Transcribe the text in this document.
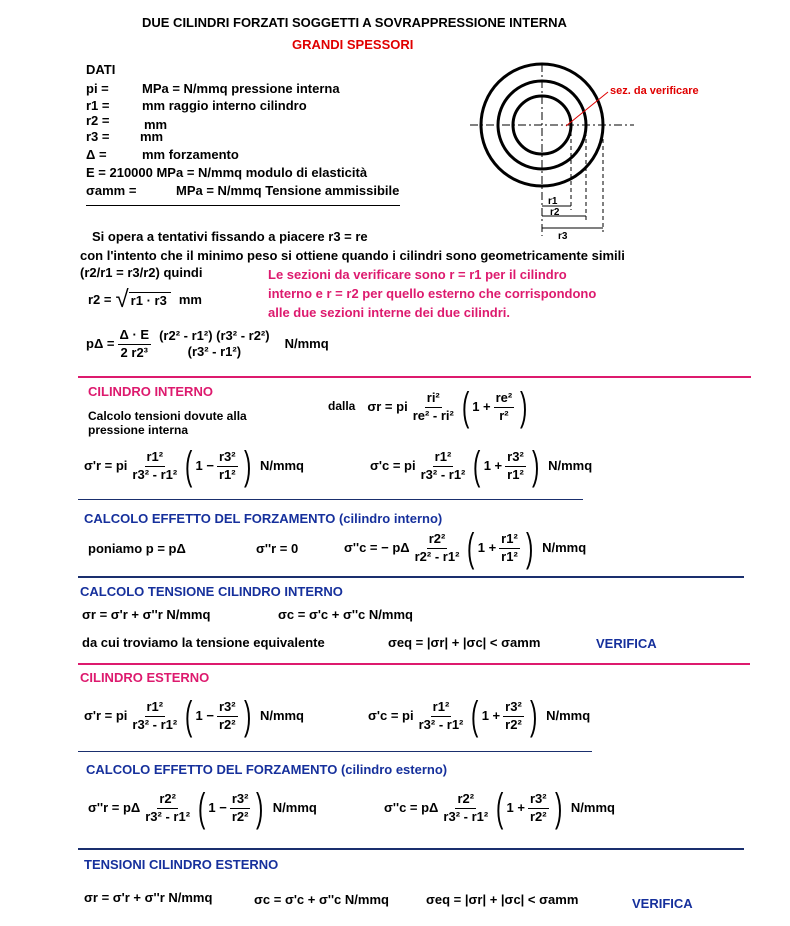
DUE CILINDRI FORZATI SOGGETTI A SOVRAPPRESSIONE INTERNA
GRANDI SPESSORI
DATI
pi =	MPa = N/mmq pressione interna
r1 =	mm raggio interno cilindro
r2 =	mm
r3 = mm
Δ =	mm forzamento
E = 210000 MPa = N/mmq modulo di elasticità
σamm =	MPa = N/mmq Tensione ammissibile
sez. da verificare
r1
r2
r3
Si opera a tentativi fissando a piacere r3 = re
con l'intento che il minimo peso si ottiene quando i cilindri sono geometricamente simili
(r2/r1 = r3/r2) quindi	Le sezioni da verificare sono r = r1 per il cilindro
interno e r = r2 per quello esterno che corrispondono
alle due sezioni interne dei due cilindri.
r2 = √ r1 · r3 mm
$p\Delta = \frac{\Delta \cdot E}{\text{2 r2³}} (r2^2 - r1^2)$ (r3² - r2²)
(r3² - r1²)
N/mmq
CILINDRO INTERNO
Calcolo tensioni dovute alla
pressione interna
dalla σr = pi $\frac{\text{ri²}}{\text{re² - ri²}}$ ( $1 + \frac{\text{re²}}{\text{r²}}$ )
σ'r = pi $\frac{\text{r1²}}{\text{r3² - r1²}}$ ( $1 - \frac{\text{r3²}}{\text{r1²}}$ ) N/mmq	σ'c = pi $\frac{\text{r1²}}{\text{r3² - r1²}}$ ( $1 + \frac{\text{r3²}}{\text{r1²}}$ ) N/mmq
CALCOLO EFFETTO DEL FORZAMENTO (cilindro interno)
poniamo p = pΔ	σ''r = 0	σ''c = − pΔ $\frac{\text{r2²}}{\text{r2² - r1²}}$ ( $1 + \frac{\text{r1²}}{\text{r1²}}$ ) N/mmq
CALCOLO TENSIONE CILINDRO INTERNO
σr = σ'r + σ''r N/mmq	σc = σ'c + σ''c N/mmq
da cui troviamo la tensione equivalente	σeq = |σr| + |σc| < σamm	VERIFICA
CILINDRO ESTERNO
σ'r = pi $\frac{\text{r1²}}{\text{r3² - r1²}}$ ( $1 - \frac{\text{r3²}}{\text{r2²}}$ ) N/mmq	σ'c = pi $\frac{\text{r1²}}{\text{r3² - r1²}}$ ( $1 + \frac{\text{r3²}}{\text{r2²}}$ ) N/mmq
CALCOLO EFFETTO DEL FORZAMENTO (cilindro esterno)
σ''r = pΔ $\frac{\text{r2²}}{\text{r3² - r1²}}$ ( $1 - \frac{\text{r3²}}{\text{r2²}}$ ) N/mmq	σ''c = pΔ $\frac{\text{r2²}}{\text{r3² - r1²}}$ ( $1 + \frac{\text{r3²}}{\text{r2²}}$ ) N/mmq
TENSIONI CILINDRO ESTERNO
σr = σ'r + σ''r N/mmq	σc = σ'c + σ''c N/mmq	σeq = |σr| + |σc| < σamm	VERIFICA
